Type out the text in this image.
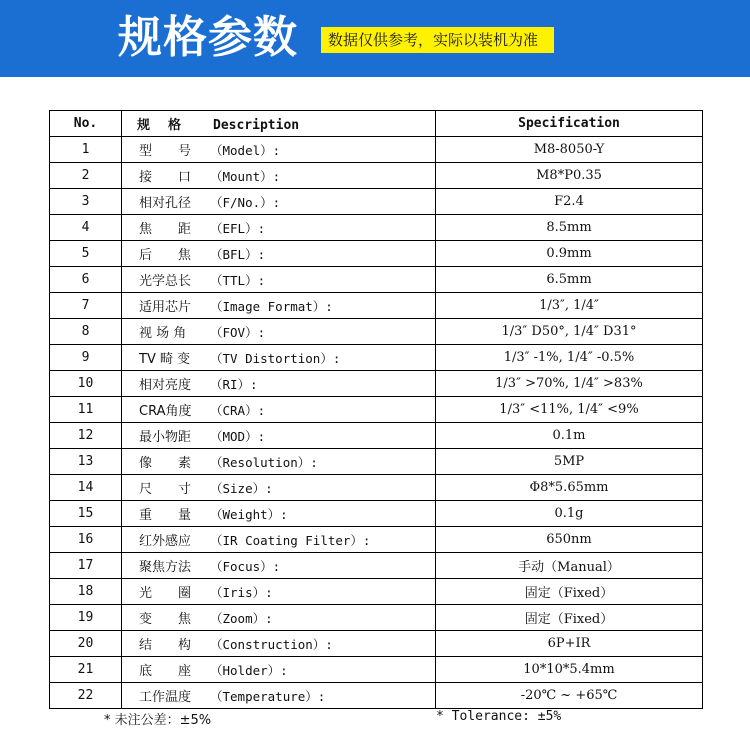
规格参数	数据仅供参考，实际以装机为准
No.	规格 Description	Specification
1	型　　号 （Model）:	M8-8050-Y
2	接　　口 （Mount）:	M8*P0.35
3	相对孔径 （F/No.）:	F2.4
4	焦　　距 （EFL）:	8.5mm
5	后　　焦 （BFL）:	0.9mm
6	光学总长 （TTL）:	6.5mm
7	适用芯片 （Image Format）:	1/3″, 1/4″
8	视 场 角 （FOV）:	1/3″ D50°, 1/4″ D31°
9	TV 畸 变 （TV Distortion）:	1/3″ -1%, 1/4″ -0.5%
10	相对亮度 （RI）:	1/3″ >70%, 1/4″ >83%
11	CRA角度 （CRA）:	1/3″ <11%, 1/4″ <9%
12	最小物距 （MOD）:	0.1m
13	像　　素 （Resolution）:	5MP
14	尺　　寸 （Size）:	Φ8*5.65mm
15	重　　量 （Weight）:	0.1g
16	红外感应 （IR Coating Filter）:	650nm
17	聚焦方法 （Focus）:	手动（Manual）
18	光　　圈 （Iris）:	固定（Fixed）
19	变　　焦 （Zoom）:	固定（Fixed）
20	结　　构 （Construction）:	6P+IR
21	底　　座 （Holder）:	10*10*5.4mm
22	工作温度 （Temperature）:	-20℃ ~ +65℃
* 未注公差：±5%	* Tolerance: ±5%
